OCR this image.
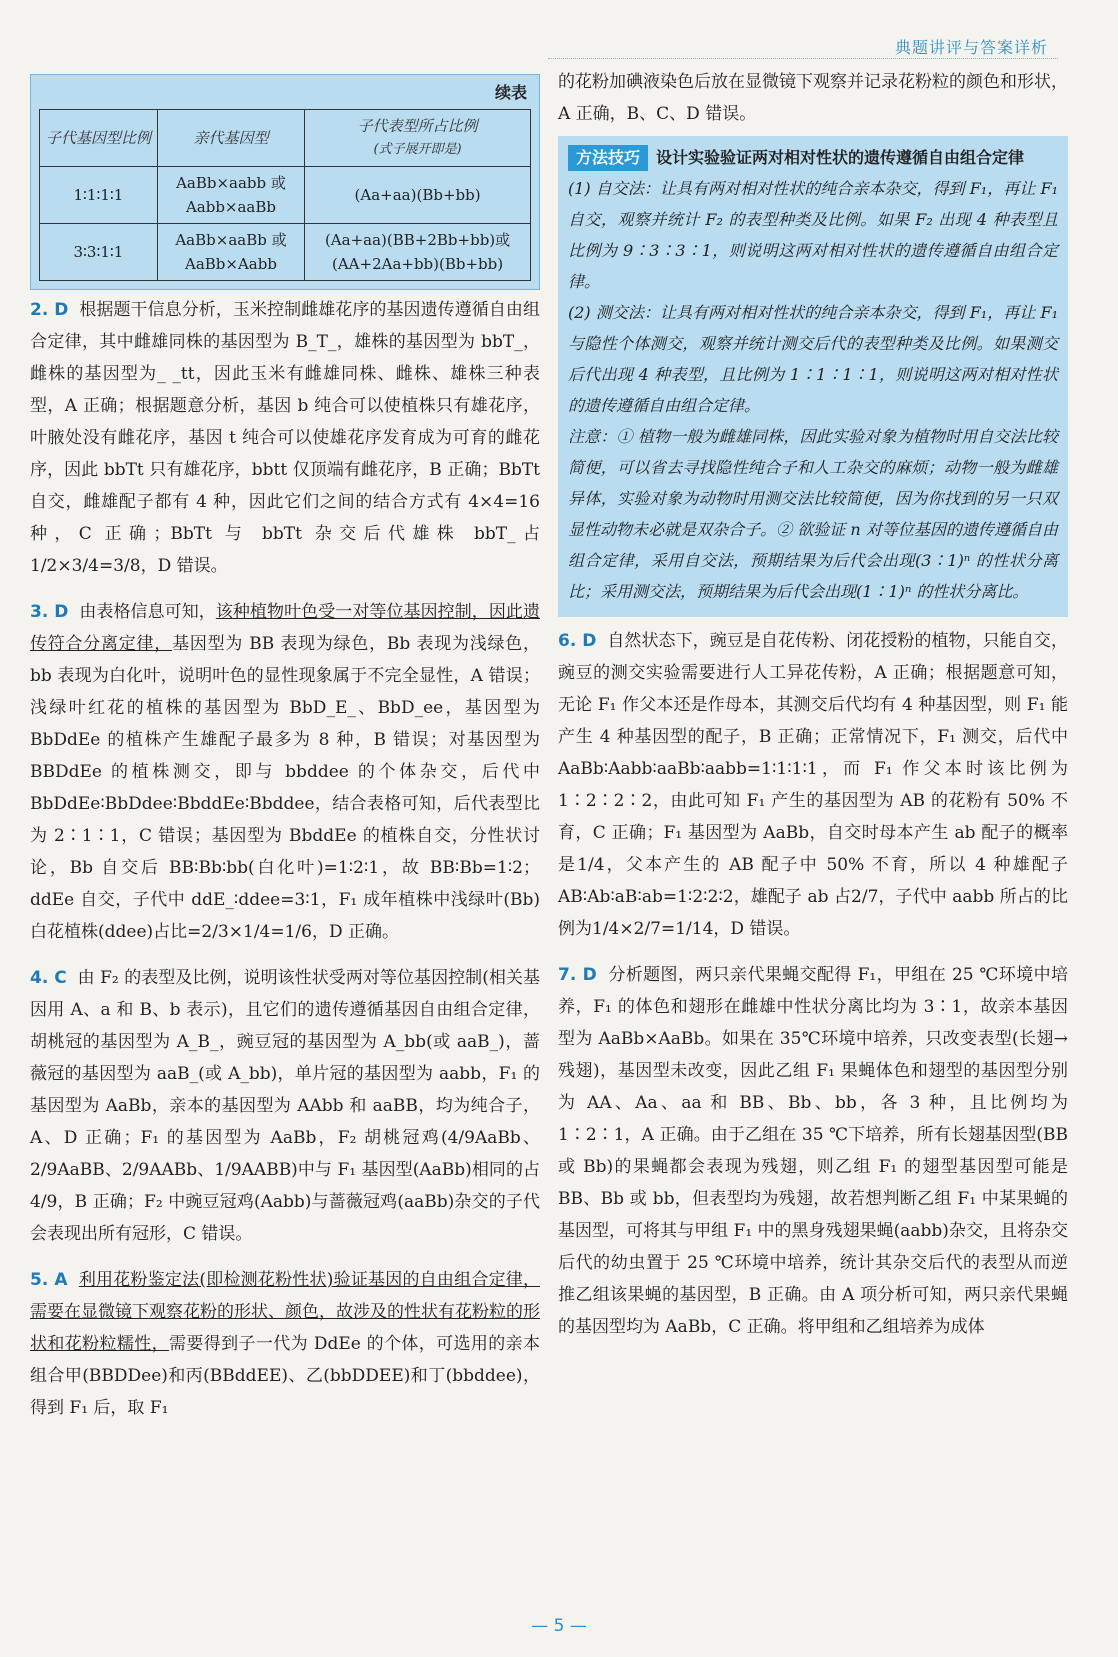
典题讲评与答案详析
续表
子代基因型比例	亲代基因型	子代表型所占比例
(式子展开即是)

1∶1∶1∶1	AaBb×aabb 或 Aabb×aaBb	(Aa+aa)(Bb+bb)
3∶3∶1∶1	AaBb×aaBb 或 AaBb×Aabb	(Aa+aa)(BB+2Bb+bb)或(AA+2Aa+bb)(Bb+bb)

2. D 根据题干信息分析，玉米控制雌雄花序的基因遗传遵循自由组合定律，其中雌雄同株的基因型为 B_T_，雄株的基因型为 bbT_，雌株的基因型为_ _tt，因此玉米有雌雄同株、雌株、雄株三种表型，A 正确；根据题意分析，基因 b 纯合可以使植株只有雄花序，叶腋处没有雌花序，基因 t 纯合可以使雄花序发育成为可育的雌花序，因此 bbTt 只有雄花序，bbtt 仅顶端有雌花序，B 正确；BbTt 自交，雌雄配子都有 4 种，因此它们之间的结合方式有 4×4=16 种，C 正确；BbTt 与 bbTt 杂交后代雄株 bbT_占1/2×3/4=3/8，D 错误。

3. D 由表格信息可知，该种植物叶色受一对等位基因控制，因此遗传符合分离定律，基因型为 BB 表现为绿色，Bb 表现为浅绿色，bb 表现为白化叶，说明叶色的显性现象属于不完全显性，A 错误；浅绿叶红花的植株的基因型为 BbD_E_、BbD_ee，基因型为 BbDdEe 的植株产生雄配子最多为 8 种，B 错误；对基因型为 BBDdEe 的植株测交，即与 bbddee 的个体杂交，后代中 BbDdEe∶BbDdee∶BbddEe∶Bbddee，结合表格可知，后代表型比为 2∶1∶1，C 错误；基因型为 BbddEe 的植株自交，分性状讨论，Bb 自交后 BB∶Bb∶bb(白化叶)=1∶2∶1，故 BB∶Bb=1∶2；ddEe 自交，子代中 ddE_∶ddee=3∶1，F₁ 成年植株中浅绿叶(Bb)白花植株(ddee)占比=2/3×1/4=1/6，D 正确。

4. C 由 F₂ 的表型及比例，说明该性状受两对等位基因控制(相关基因用 A、a 和 B、b 表示)，且它们的遗传遵循基因自由组合定律，胡桃冠的基因型为 A_B_，豌豆冠的基因型为 A_bb(或 aaB_)，蔷薇冠的基因型为 aaB_(或 A_bb)，单片冠的基因型为 aabb，F₁ 的基因型为 AaBb，亲本的基因型为 AAbb 和 aaBB，均为纯合子，A、D 正确；F₁ 的基因型为 AaBb，F₂ 胡桃冠鸡(4/9AaBb、2/9AaBB、2/9AABb、1/9AABB)中与 F₁ 基因型(AaBb)相同的占4/9，B 正确；F₂ 中豌豆冠鸡(Aabb)与蔷薇冠鸡(aaBb)杂交的子代会表现出所有冠形，C 错误。

5. A 利用花粉鉴定法(即检测花粉性状)验证基因的自由组合定律，需要在显微镜下观察花粉的形状、颜色，故涉及的性状有花粉粒的形状和花粉粒糯性，需要得到子一代为 DdEe 的个体，可选用的亲本组合甲(BBDDee)和丙(BBddEE)、乙(bbDDEE)和丁(bbddee)，得到 F₁ 后，取 F₁

的花粉加碘液染色后放在显微镜下观察并记录花粉粒的颜色和形状，A 正确，B、C、D 错误。

方法技巧 设计实验验证两对相对性状的遗传遵循自由组合定律

(1) 自交法：让具有两对相对性状的纯合亲本杂交，得到 F₁，再让 F₁ 自交，观察并统计 F₂ 的表型种类及比例。如果 F₂ 出现 4 种表型且比例为 9∶3∶3∶1，则说明这两对相对性状的遗传遵循自由组合定律。

(2) 测交法：让具有两对相对性状的纯合亲本杂交，得到 F₁，再让 F₁ 与隐性个体测交，观察并统计测交后代的表型种类及比例。如果测交后代出现 4 种表型，且比例为 1∶1∶1∶1，则说明这两对相对性状的遗传遵循自由组合定律。

注意：① 植物一般为雌雄同株，因此实验对象为植物时用自交法比较简便，可以省去寻找隐性纯合子和人工杂交的麻烦；动物一般为雌雄异体，实验对象为动物时用测交法比较简便，因为你找到的另一只双显性动物未必就是双杂合子。② 欲验证 n 对等位基因的遗传遵循自由组合定律，采用自交法，预期结果为后代会出现(3∶1)ⁿ 的性状分离比；采用测交法，预期结果为后代会出现(1∶1)ⁿ 的性状分离比。

6. D 自然状态下，豌豆是自花传粉、闭花授粉的植物，只能自交，豌豆的测交实验需要进行人工异花传粉，A 正确；根据题意可知，无论 F₁ 作父本还是作母本，其测交后代均有 4 种基因型，则 F₁ 能产生 4 种基因型的配子，B 正确；正常情况下，F₁ 测交，后代中 AaBb∶Aabb∶aaBb∶aabb=1∶1∶1∶1，而 F₁ 作父本时该比例为 1∶2∶2∶2，由此可知 F₁ 产生的基因型为 AB 的花粉有 50% 不育，C 正确；F₁ 基因型为 AaBb，自交时母本产生 ab 配子的概率是1/4，父本产生的 AB 配子中 50% 不育，所以 4 种雄配子 AB∶Ab∶aB∶ab=1∶2∶2∶2，雄配子 ab 占2/7，子代中 aabb 所占的比例为1/4×2/7=1/14，D 错误。

7. D 分析题图，两只亲代果蝇交配得 F₁，甲组在 25 ℃环境中培养，F₁ 的体色和翅形在雌雄中性状分离比均为 3∶1，故亲本基因型为 AaBb×AaBb。如果在 35℃环境中培养，只改变表型(长翅→残翅)，基因型未改变，因此乙组 F₁ 果蝇体色和翅型的基因型分别为 AA、Aa、aa 和 BB、Bb、bb，各 3 种，且比例均为 1∶2∶1，A 正确。由于乙组在 35 ℃下培养，所有长翅基因型(BB 或 Bb)的果蝇都会表现为残翅，则乙组 F₁ 的翅型基因型可能是 BB、Bb 或 bb，但表型均为残翅，故若想判断乙组 F₁ 中某果蝇的基因型，可将其与甲组 F₁ 中的黑身残翅果蝇(aabb)杂交，且将杂交后代的幼虫置于 25 ℃环境中培养，统计其杂交后代的表型从而逆推乙组该果蝇的基因型，B 正确。由 A 项分析可知，两只亲代果蝇的基因型均为 AaBb，C 正确。将甲组和乙组培养为成体

— 5 —
